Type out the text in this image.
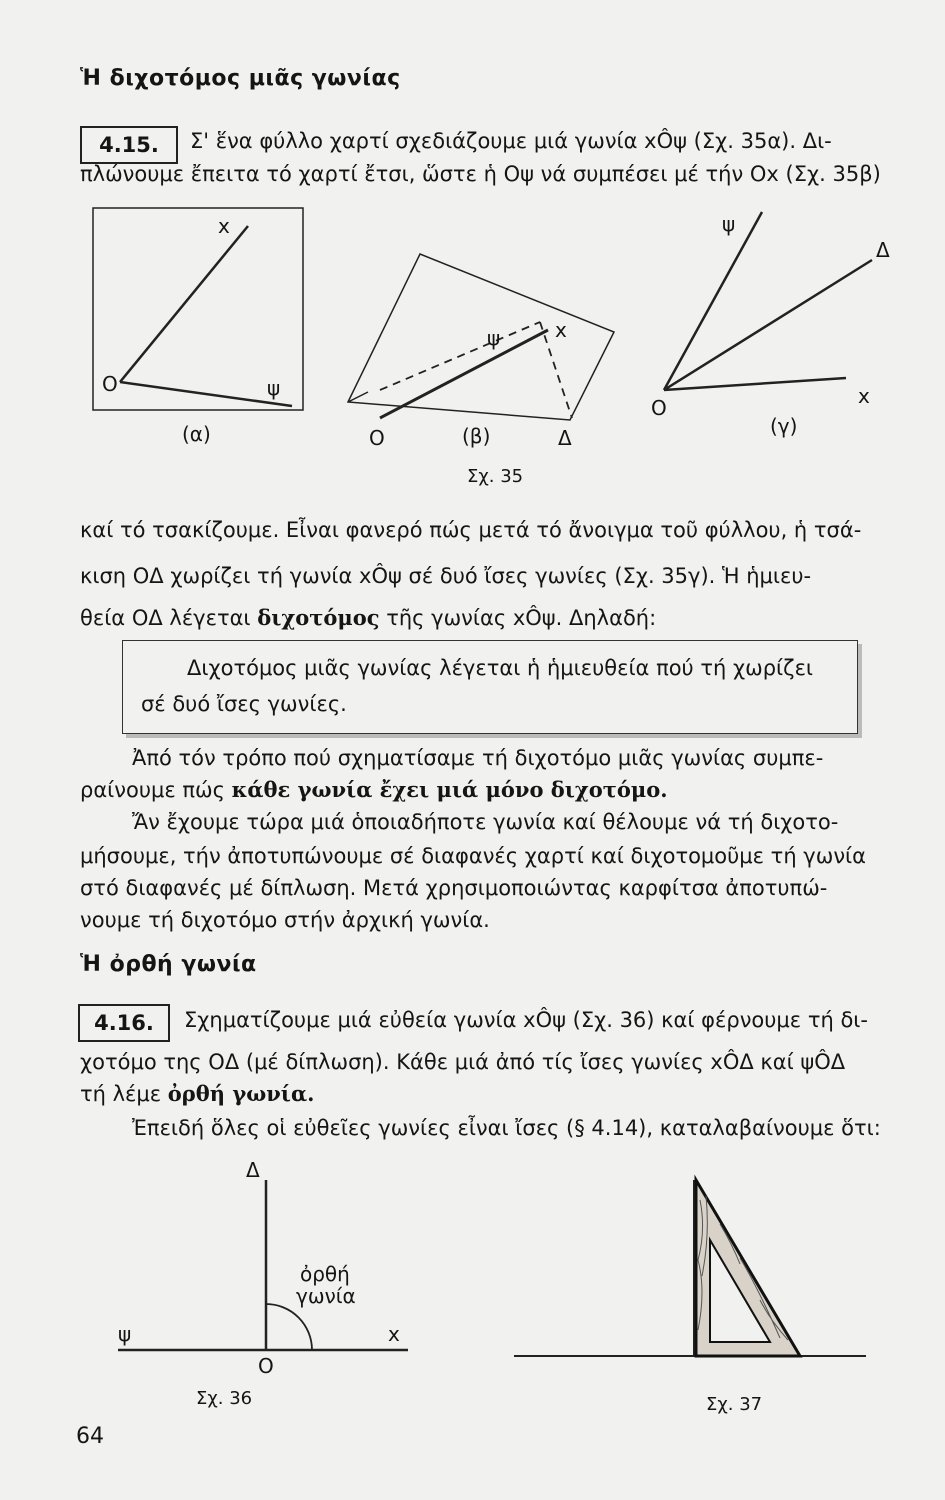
Ἡ διχοτόμος μιᾶς γωνίας
4.15.	Σ' ἕνα φύλλο χαρτί σχεδιάζουμε μιά γωνία xÔψ (Σχ. 35α). Δι-
πλώνουμε ἔπειτα τό χαρτί ἔτσι, ὥστε ἡ Οψ νά συμπέσει μέ τήν Οx (Σχ. 35β)
x
O	ψ
(α)
ψ	x
O	(β)	Δ
Σχ. 35
ψ
Δ
O	x
(γ)
καί τό τσακίζουμε. Εἶναι φανερό πώς μετά τό ἄνοιγμα τοῦ φύλλου, ἡ τσά-
κιση ΟΔ χωρίζει τή γωνία xÔψ σέ δυό ἴσες γωνίες (Σχ. 35γ). Ἡ ἡμιευ-
θεία ΟΔ λέγεται διχοτόμος τῆς γωνίας xÔψ. Δηλαδή:
Διχοτόμος μιᾶς γωνίας λέγεται ἡ ἡμιευθεία πού τή χωρίζει
σέ δυό ἴσες γωνίες.
Ἀπό τόν τρόπο πού σχηματίσαμε τή διχοτόμο μιᾶς γωνίας συμπε-
ραίνουμε πώς κάθε γωνία ἔχει μιά μόνο διχοτόμο.
Ἄν ἔχουμε τώρα μιά ὁποιαδήποτε γωνία καί θέλουμε νά τή διχοτο-
μήσουμε, τήν ἀποτυπώνουμε σέ διαφανές χαρτί καί διχοτομοῦμε τή γωνία
στό διαφανές μέ δίπλωση. Μετά χρησιμοποιώντας καρφίτσα ἀποτυπώ-
νουμε τή διχοτόμο στήν ἀρχική γωνία.
Ἡ ὀρθή γωνία
4.16.	Σχηματίζουμε μιά εὐθεία γωνία xÔψ (Σχ. 36) καί φέρνουμε τή δι-
χοτόμο της ΟΔ (μέ δίπλωση). Κάθε μιά ἀπό τίς ἴσες γωνίες xÔΔ καί ψÔΔ
τή λέμε ὀρθή γωνία.
Ἐπειδή ὅλες οἱ εὐθεῖες γωνίες εἶναι ἴσες (§ 4.14), καταλαβαίνουμε ὅτι:
Δ
ὀρθή
γωνία
ψ	x
O
Σχ. 36	Σχ. 37
64
